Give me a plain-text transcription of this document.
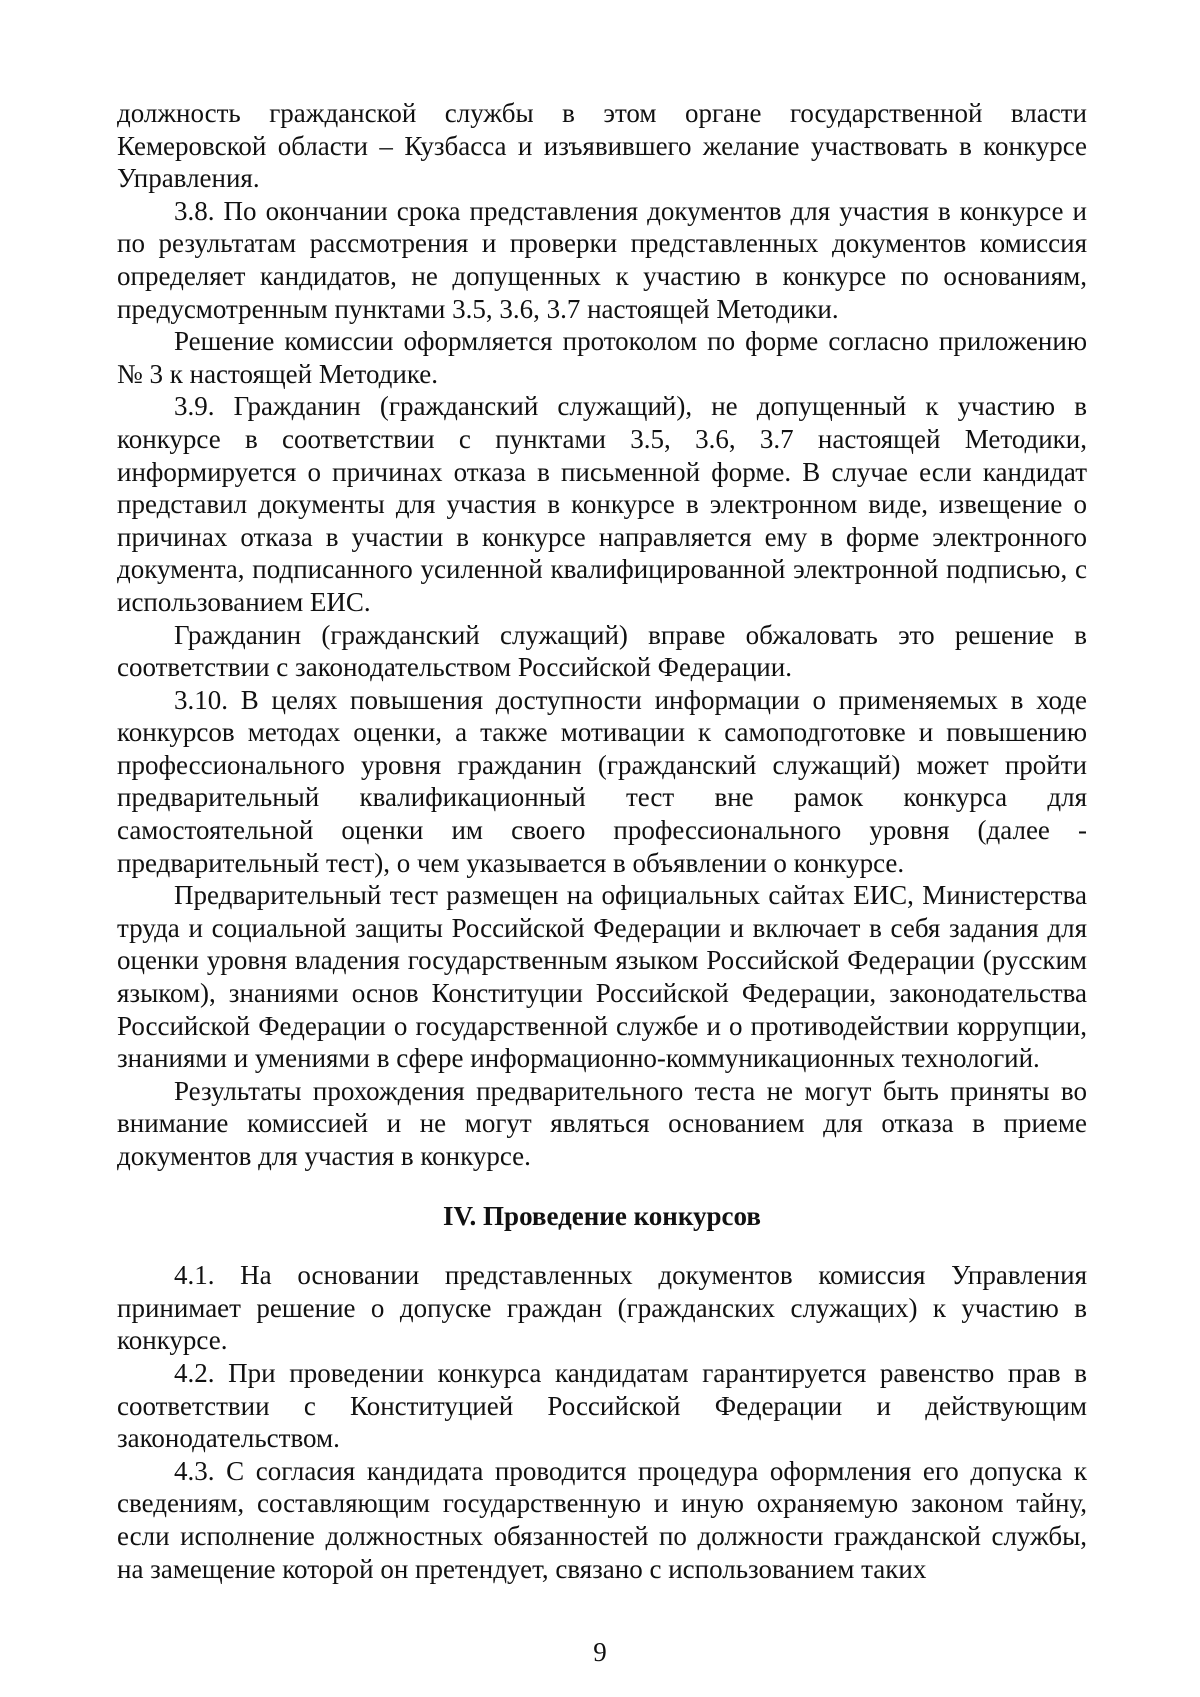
должность гражданской службы в этом органе государственной власти Кемеровской области – Кузбасса и изъявившего желание участвовать в конкурсе Управления.

3.8. По окончании срока представления документов для участия в конкурсе и по результатам рассмотрения и проверки представленных документов комиссия определяет кандидатов, не допущенных к участию в конкурсе по основаниям, предусмотренным пунктами 3.5, 3.6, 3.7 настоящей Методики.

Решение комиссии оформляется протоколом по форме согласно приложению № 3 к настоящей Методике.

3.9. Гражданин (гражданский служащий), не допущенный к участию в конкурсе в соответствии с пунктами 3.5, 3.6, 3.7 настоящей Методики, информируется о причинах отказа в письменной форме. В случае если кандидат представил документы для участия в конкурсе в электронном виде, извещение о причинах отказа в участии в конкурсе направляется ему в форме электронного документа, подписанного усиленной квалифицированной электронной подписью, с использованием ЕИС.

Гражданин (гражданский служащий) вправе обжаловать это решение в соответствии с законодательством Российской Федерации.

3.10. В целях повышения доступности информации о применяемых в ходе конкурсов методах оценки, а также мотивации к самоподготовке и повышению профессионального уровня гражданин (гражданский служащий) может пройти предварительный квалификационный тест вне рамок конкурса для самостоятельной оценки им своего профессионального уровня (далее - предварительный тест), о чем указывается в объявлении о конкурсе.

Предварительный тест размещен на официальных сайтах ЕИС, Министерства труда и социальной защиты Российской Федерации и включает в себя задания для оценки уровня владения государственным языком Российской Федерации (русским языком), знаниями основ Конституции Российской Федерации, законодательства Российской Федерации о государственной службе и о противодействии коррупции, знаниями и умениями в сфере информационно-коммуникационных технологий.

Результаты прохождения предварительного теста не могут быть приняты во внимание комиссией и не могут являться основанием для отказа в приеме документов для участия в конкурсе.

IV. Проведение конкурсов

4.1. На основании представленных документов комиссия Управления принимает решение о допуске граждан (гражданских служащих) к участию в конкурсе.

4.2. При проведении конкурса кандидатам гарантируется равенство прав в соответствии с Конституцией Российской Федерации и действующим законодательством.

4.3. С согласия кандидата проводится процедура оформления его допуска к сведениям, составляющим государственную и иную охраняемую законом тайну, если исполнение должностных обязанностей по должности гражданской службы, на замещение которой он претендует, связано с использованием таких

9
